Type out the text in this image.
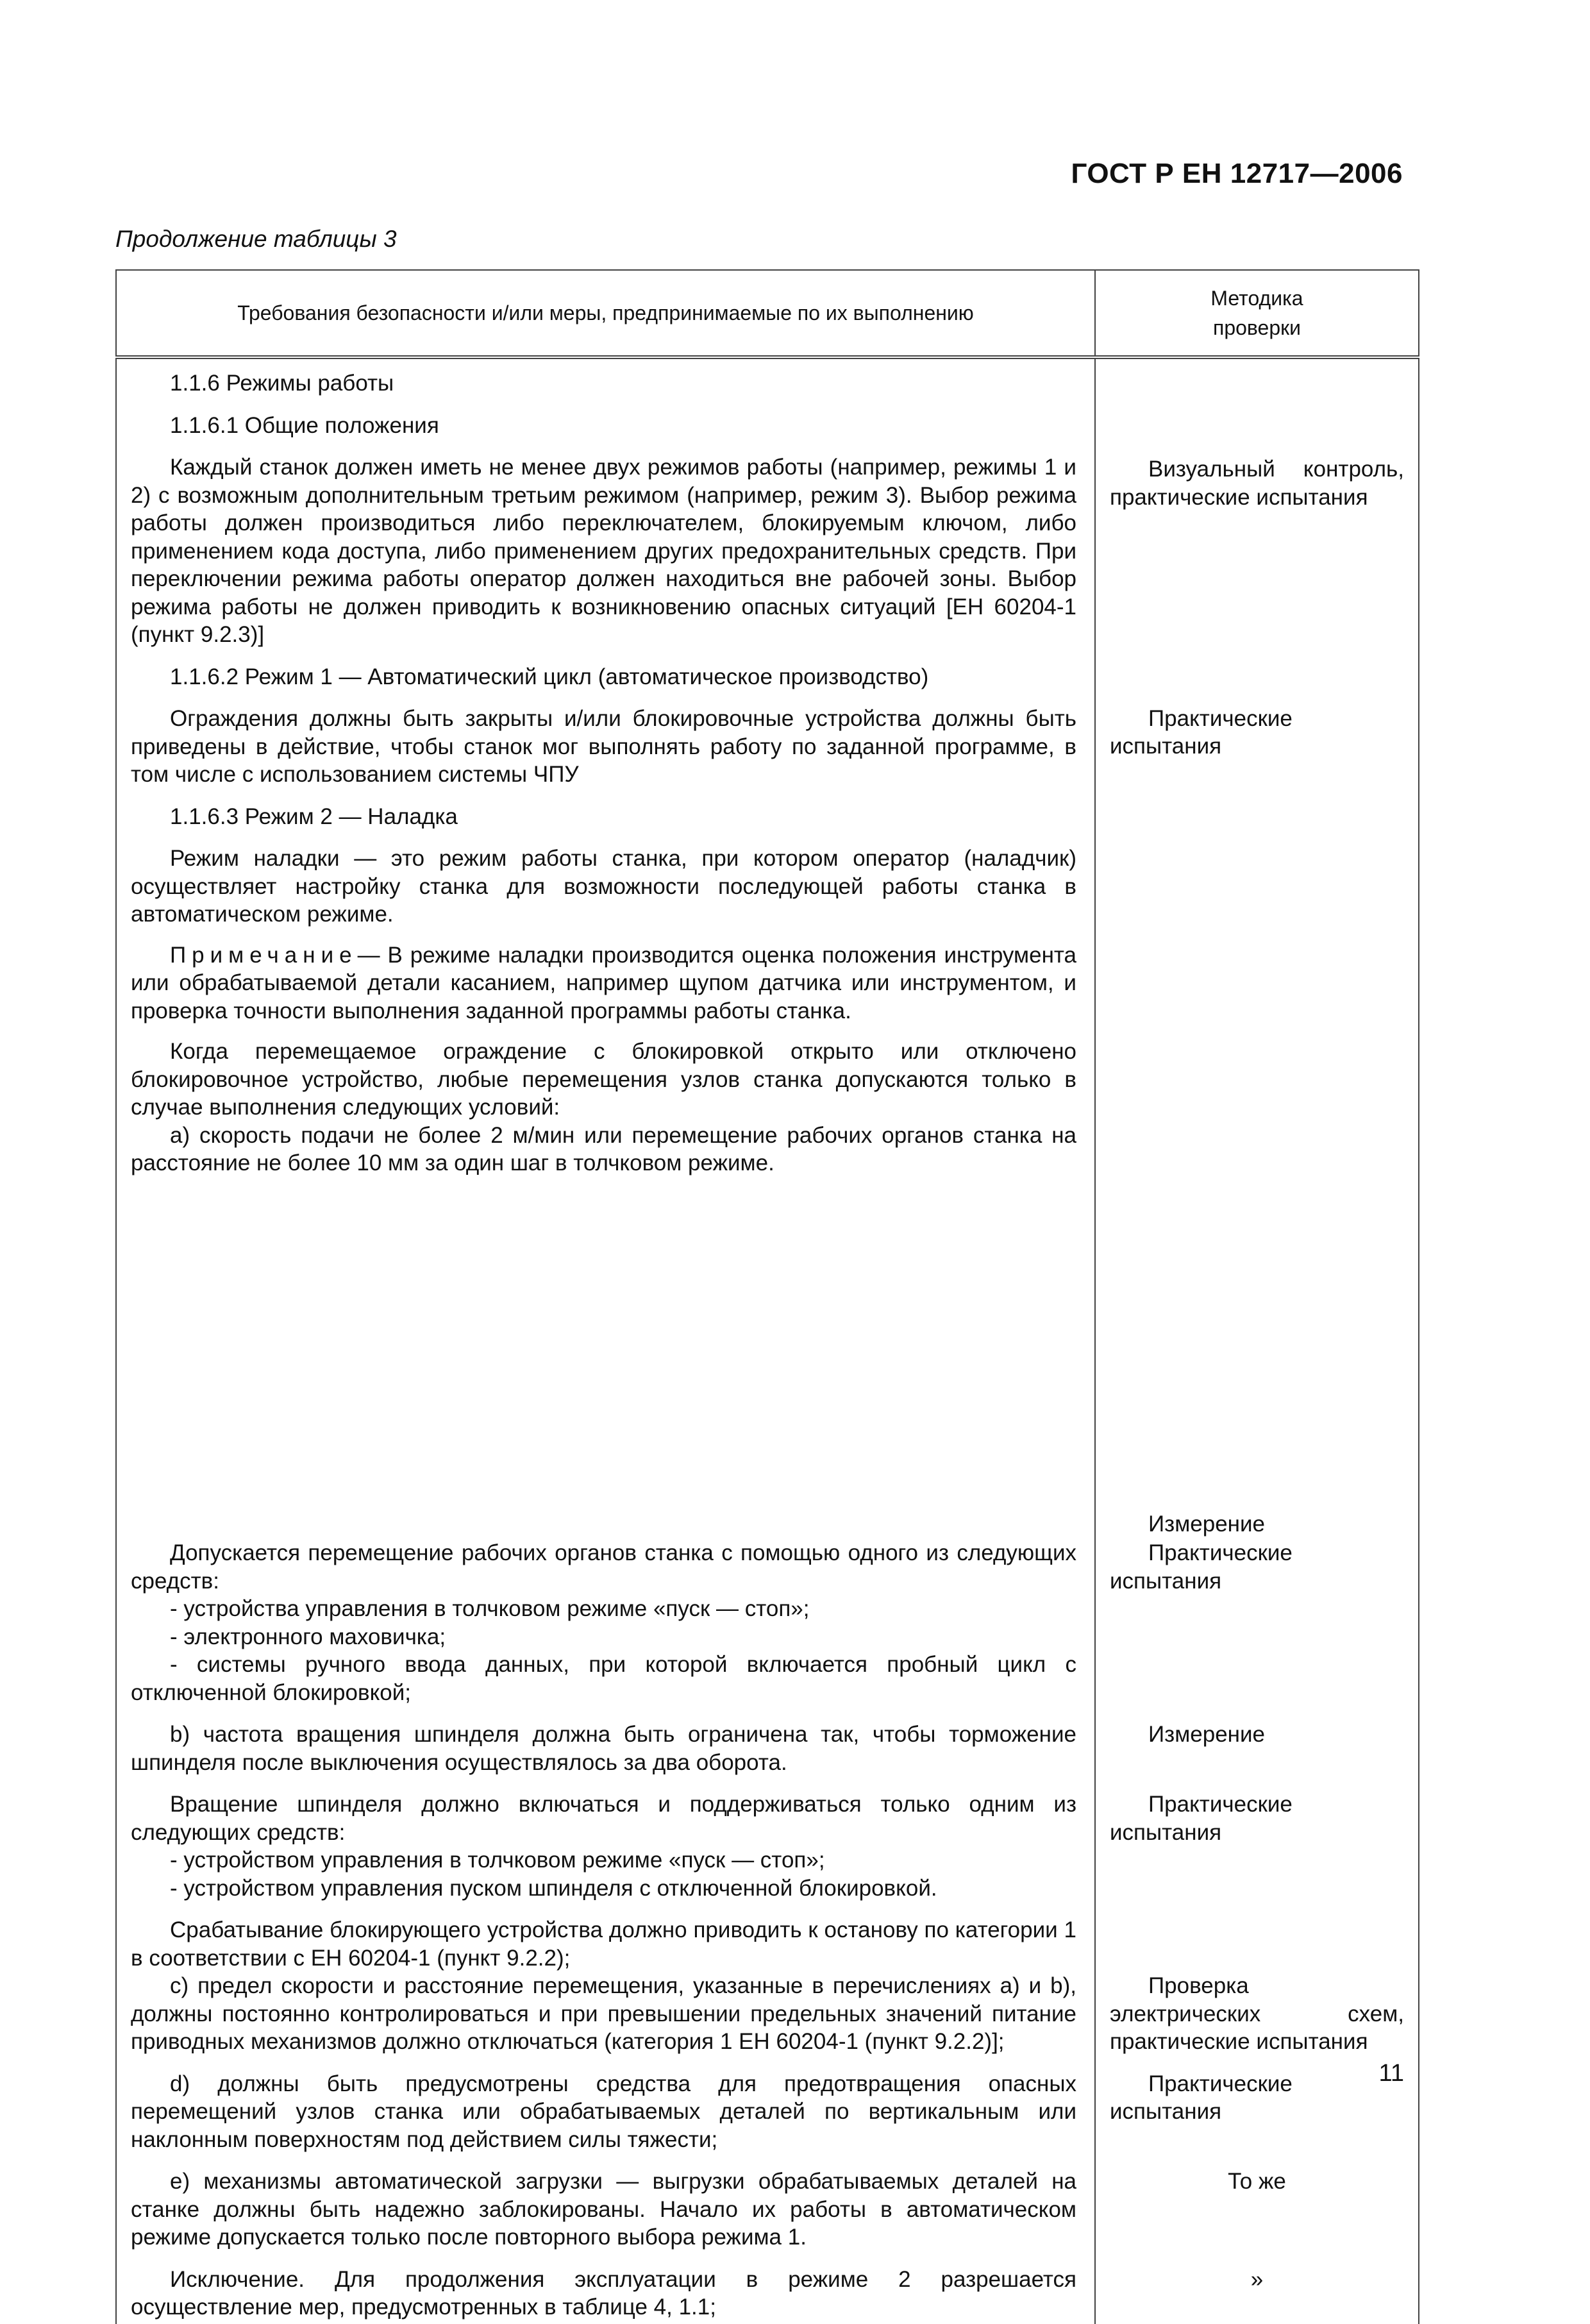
ГОСТ Р ЕН 12717—2006
Продолжение таблицы 3
Требования безопасности и/или меры, предпринимаемые по их выполнению	Методика
проверки

1.1.6 Режимы работы
1.1.6.1 Общие положения
Каждый станок должен иметь не менее двух режимов работы (например, режимы 1 и 2) с возможным дополнительным третьим режимом (например, режим 3). Выбор режима работы должен производиться либо переключателем, блокируемым ключом, либо применением кода доступа, либо применением других предохранительных средств. При переключении режима работы оператор должен находиться вне рабочей зоны. Выбор режима работы не должен приводить к возникновению опасных ситуаций [ЕН 60204-1 (пункт 9.2.3)]	Визуальный контроль, практические испытания

1.1.6.2 Режим 1 — Автоматический цикл (автоматическое производство)
Ограждения должны быть закрыты и/или блокировочные устройства должны быть приведены в действие, чтобы станок мог выполнять работу по заданной программе, в том числе с использованием системы ЧПУ	Практические испытания

1.1.6.3 Режим 2 — Наладка
Режим наладки — это режим работы станка, при котором оператор (наладчик) осуществляет настройку станка для возможности последующей работы станка в автоматическом режиме.
Примечание— В режиме наладки производится оценка положения инструмента или обрабатываемой детали касанием, например щупом датчика или инструментом, и проверка точности выполнения заданной программы работы станка.
Когда перемещаемое ограждение с блокировкой открыто или отключено блокировочное устройство, любые перемещения узлов станка допускаются только в случае выполнения следующих условий:
a) скорость подачи не более 2 м/мин или перемещение рабочих органов станка на расстояние не более 10 мм за один шаг в толчковом режиме.	Измерение

Допускается перемещение рабочих органов станка с помощью одного из следующих средств:
- устройства управления в толчковом режиме «пуск — стоп»;
- электронного маховичка;
- системы ручного ввода данных, при которой включается пробный цикл с отключенной блокировкой;	Практические испытания

b) частота вращения шпинделя должна быть ограничена так, чтобы торможение шпинделя после выключения осуществлялось за два оборота.	Измерение

Вращение шпинделя должно включаться и поддерживаться только одним из следующих средств:
- устройством управления в толчковом режиме «пуск — стоп»;
- устройством управления пуском шпинделя с отключенной блокировкой.	Практические испытания

Срабатывание блокирующего устройства должно приводить к останову по категории 1 в соответствии с ЕН 60204-1 (пункт 9.2.2);
c) предел скорости и расстояние перемещения, указанные в перечислениях a) и b), должны постоянно контролироваться и при превышении предельных значений питание приводных механизмов должно отключаться (категория 1 ЕН 60204-1 (пункт 9.2.2)];	Проверка электрических схем, практические испытания

d) должны быть предусмотрены средства для предотвращения опасных перемещений узлов станка или обрабатываемых деталей по вертикальным или наклонным поверхностям под действием силы тяжести;	Практические испытания

e) механизмы автоматической загрузки — выгрузки обрабатываемых деталей на станке должны быть надежно заблокированы. Начало их работы в автоматическом режиме допускается только после повторного выбора режима 1.	То же

Исключение. Для продолжения эксплуатации в режиме 2 разрешается осуществление мер, предусмотренных в таблице 4, 1.1;	»
11
